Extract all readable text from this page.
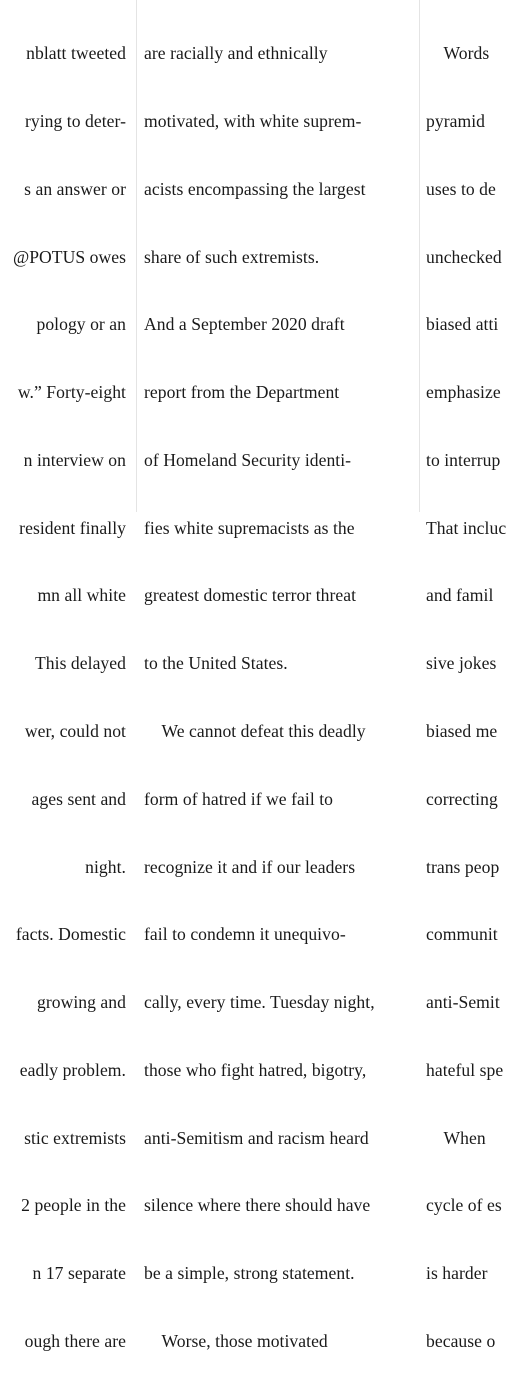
nblatt tweeted

rying to deter-

s an answer or

@POTUS owes

pology or an

w.” Forty-eight

n interview on

resident finally

mn all white

This delayed

wer, could not

ages sent and

night.

facts. Domestic

growing and

eadly problem.

stic extremists

2 people in the

n 17 separate

ough there are

are racially and ethnically

motivated, with white suprem-

acists encompassing the largest

share of such extremists.

And a September 2020 draft

report from the Department

of Homeland Security identi-

fies white supremacists as the

greatest domestic terror threat

to the United States.

We cannot defeat this deadly

form of hatred if we fail to

recognize it and if our leaders

fail to condemn it unequivo-

cally, every time. Tuesday night,

those who fight hatred, bigotry,

anti-Semitism and racism heard

silence where there should have

be a simple, strong statement.

Worse, those motivated

Words

pyramid

uses to de

unchecked

biased atti

emphasize

to interrup

That incluc

and famil

sive jokes

biased me

correcting

trans peop

communit

anti-Semit

hateful spe

When

cycle of es

is harder

because o
